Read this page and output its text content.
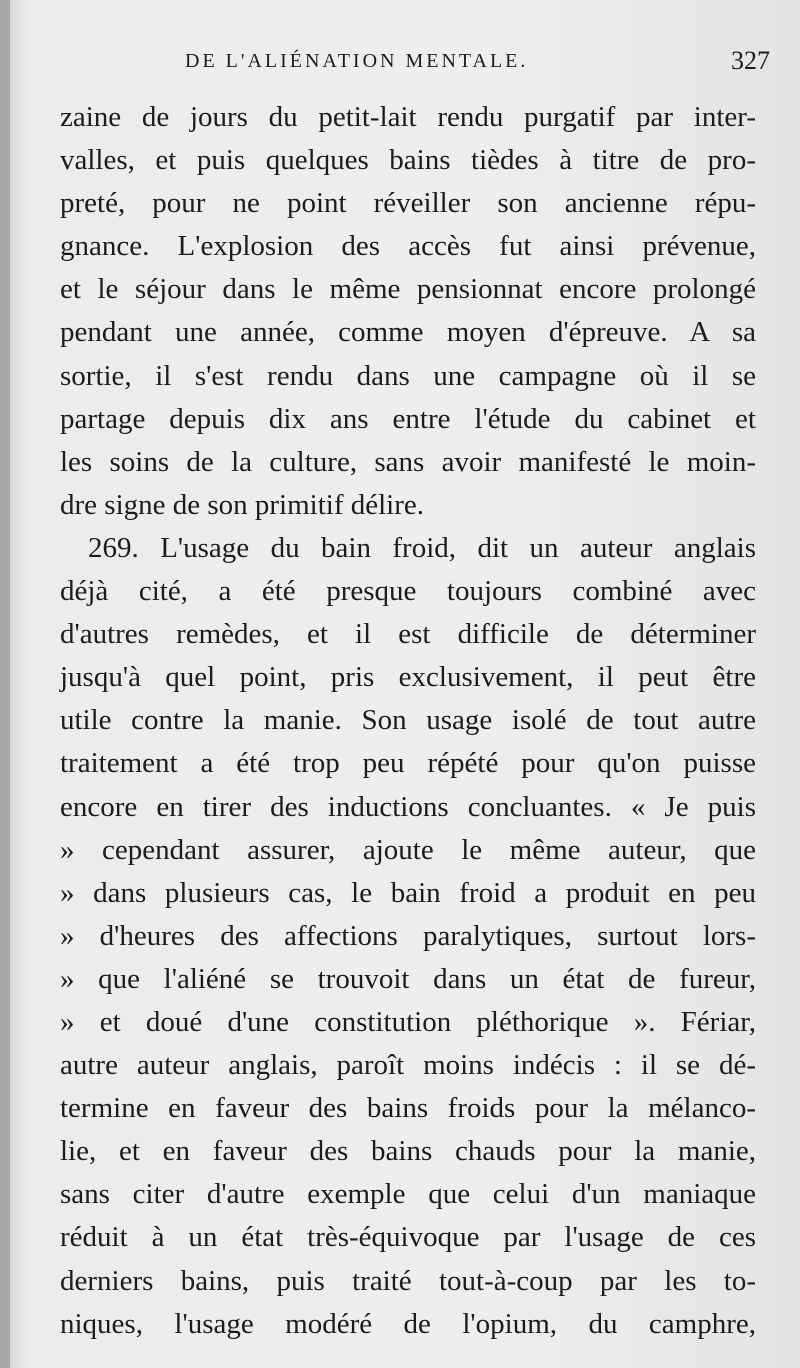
DE L'ALIÉNATION MENTALE.	327
zaine de jours du petit-lait rendu purgatif par inter-
valles, et puis quelques bains tièdes à titre de pro-
preté, pour ne point réveiller son ancienne répu-
gnance. L'explosion des accès fut ainsi prévenue,
et le séjour dans le même pensionnat encore prolongé
pendant une année, comme moyen d'épreuve. A sa
sortie, il s'est rendu dans une campagne où il se
partage depuis dix ans entre l'étude du cabinet et
les soins de la culture, sans avoir manifesté le moin-
dre signe de son primitif délire.
269. L'usage du bain froid, dit un auteur anglais
déjà cité, a été presque toujours combiné avec
d'autres remèdes, et il est difficile de déterminer
jusqu'à quel point, pris exclusivement, il peut être
utile contre la manie. Son usage isolé de tout autre
traitement a été trop peu répété pour qu'on puisse
encore en tirer des inductions concluantes. « Je puis
» cependant assurer, ajoute le même auteur, que
» dans plusieurs cas, le bain froid a produit en peu
» d'heures des affections paralytiques, surtout lors-
» que l'aliéné se trouvoit dans un état de fureur,
» et doué d'une constitution pléthorique ». Fériar,
autre auteur anglais, paroît moins indécis : il se dé-
termine en faveur des bains froids pour la mélanco-
lie, et en faveur des bains chauds pour la manie,
sans citer d'autre exemple que celui d'un maniaque
réduit à un état très-équivoque par l'usage de ces
derniers bains, puis traité tout-à-coup par les to-
niques, l'usage modéré de l'opium, du camphre,
